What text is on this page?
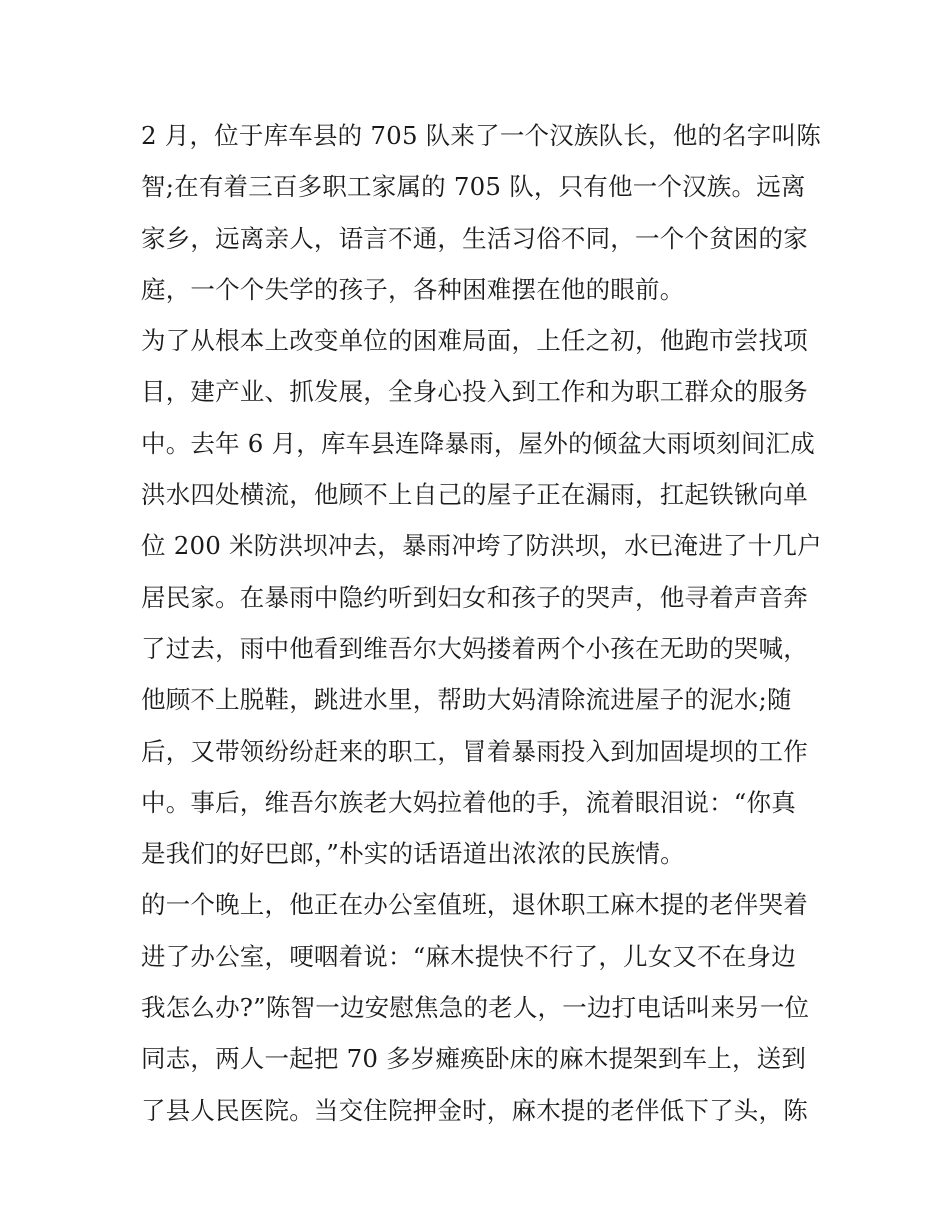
2 月，位于库车县的 705 队来了一个汉族队长，他的名字叫陈
智;在有着三百多职工家属的 705 队，只有他一个汉族。远离
家乡，远离亲人，语言不通，生活习俗不同，一个个贫困的家
庭，一个个失学的孩子，各种困难摆在他的眼前。
为了从根本上改变单位的困难局面，上任之初，他跑市尝找项
目，建产业、抓发展，全身心投入到工作和为职工群众的服务
中。去年 6 月，库车县连降暴雨，屋外的倾盆大雨顷刻间汇成
洪水四处横流，他顾不上自己的屋子正在漏雨，扛起铁锹向单
位 200 米防洪坝冲去，暴雨冲垮了防洪坝，水已淹进了十几户
居民家。在暴雨中隐约听到妇女和孩子的哭声，他寻着声音奔
了过去，雨中他看到维吾尔大妈搂着两个小孩在无助的哭喊，
他顾不上脱鞋，跳进水里，帮助大妈清除流进屋子的泥水;随
后，又带领纷纷赶来的职工，冒着暴雨投入到加固堤坝的工作
中。事后，维吾尔族老大妈拉着他的手，流着眼泪说：“你真
是我们的好巴郎，”朴实的话语道出浓浓的民族情。
的一个晚上，他正在办公室值班，退休职工麻木提的老伴哭着
进了办公室，哽咽着说：“麻木提快不行了，儿女又不在身边
我怎么办?”陈智一边安慰焦急的老人，一边打电话叫来另一位
同志，两人一起把 70 多岁瘫痪卧床的麻木提架到车上，送到
了县人民医院。当交住院押金时，麻木提的老伴低下了头，陈
